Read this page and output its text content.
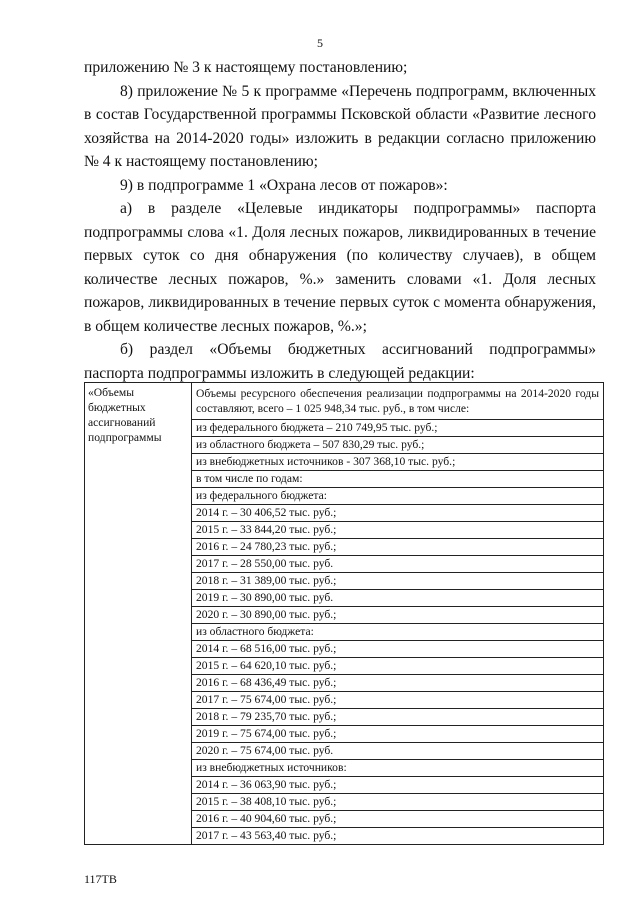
5

приложению № 3 к настоящему постановлению;

8) приложение № 5 к программе «Перечень подпрограмм, включенных в состав Государственной программы Псковской области «Развитие лесного хозяйства на 2014-2020 годы» изложить в редакции согласно приложению № 4 к настоящему постановлению;

9) в подпрограмме 1 «Охрана лесов от пожаров»:

а) в разделе «Целевые индикаторы подпрограммы» паспорта подпрограммы слова «1. Доля лесных пожаров, ликвидированных в течение первых суток со дня обнаружения (по количеству случаев), в общем количестве лесных пожаров, %.» заменить словами «1. Доля лесных пожаров, ликвидированных в течение первых суток с момента обнаружения, в общем количестве лесных пожаров, %.»;

б) раздел «Объемы бюджетных ассигнований подпрограммы» паспорта подпрограммы изложить в следующей редакции:

«Объемы бюджетных ассигнований подпрограммы	
Объемы ресурсного обеспечения реализации подпрограммы на 2014-2020 годы составляют, всего – 1 025 948,34 тыс. руб., в том числе:
из федерального бюджета – 210 749,95 тыс. руб.;
из областного бюджета – 507 830,29 тыс. руб.;
из внебюджетных источников - 307 368,10 тыс. руб.;
в том числе по годам:
из федерального бюджета:
2014 г. – 30 406,52 тыс. руб.;
2015 г. – 33 844,20 тыс. руб.;
2016 г. – 24 780,23 тыс. руб.;
2017 г. – 28 550,00 тыс. руб.
2018 г. – 31 389,00 тыс. руб.;
2019 г. – 30 890,00 тыс. руб.
2020 г. – 30 890,00 тыс. руб.;
из областного бюджета:
2014 г. – 68 516,00 тыс. руб.;
2015 г. – 64 620,10 тыс. руб.;
2016 г. – 68 436,49 тыс. руб.;
2017 г. – 75 674,00 тыс. руб.;
2018 г. – 79 235,70 тыс. руб.;
2019 г. – 75 674,00 тыс. руб.;
2020 г. – 75 674,00 тыс. руб.
из внебюджетных источников:
2014 г. – 36 063,90 тыс. руб.;
2015 г. – 38 408,10 тыс. руб.;
2016 г. – 40 904,60 тыс. руб.;
2017 г. – 43 563,40 тыс. руб.;
117ТВ
